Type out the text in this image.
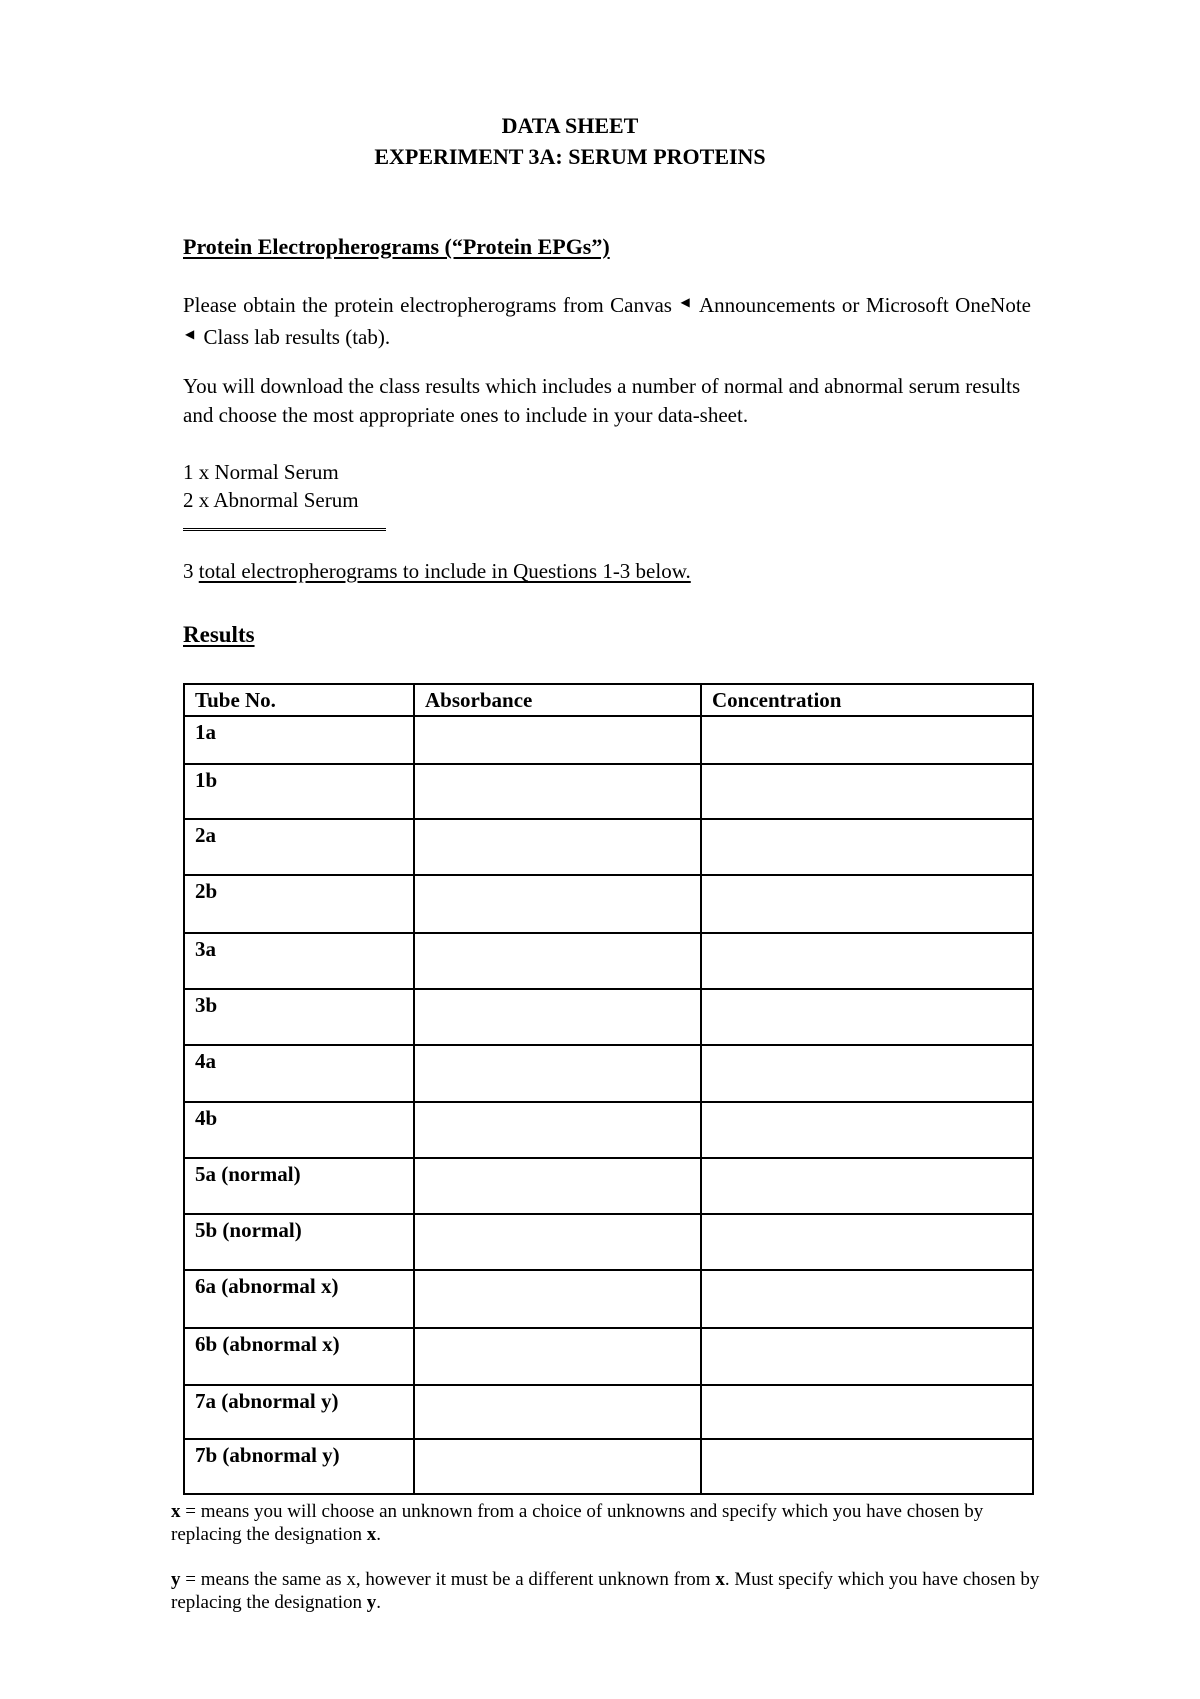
DATA SHEET
EXPERIMENT 3A: SERUM PROTEINS
Protein Electropherograms (“Protein EPGs”)
Please obtain the protein electropherograms from Canvas ◀ Announcements or Microsoft OneNote ◀ Class lab results (tab).
You will download the class results which includes a number of normal and abnormal serum results and choose the most appropriate ones to include in your data-sheet.
1 x Normal Serum
2 x Abnormal Serum
3 total electropherograms to include in Questions 1-3 below.
Results
Tube No.	Absorbance	Concentration
1a		
1b		
2a		
2b		
3a		
3b		
4a		
4b		
5a (normal)		
5b (normal)		
6a (abnormal x)		
6b (abnormal x)		
7a (abnormal y)		
7b (abnormal y)		
x = means you will choose an unknown from a choice of unknowns and specify which you have chosen by replacing the designation x.
y = means the same as x, however it must be a different unknown from x. Must specify which you have chosen by replacing the designation y.
